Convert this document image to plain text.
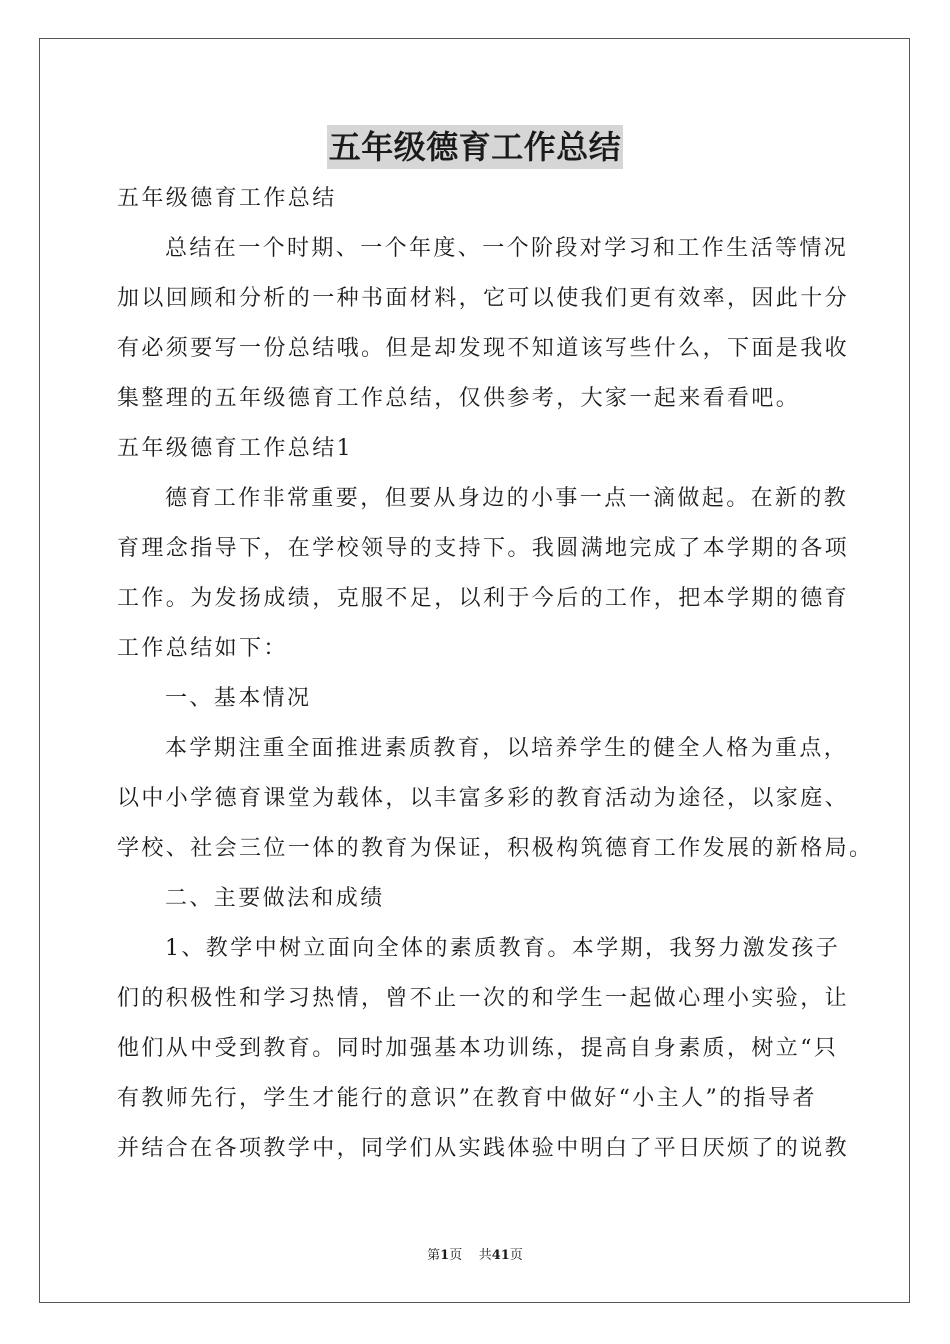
五年级德育工作总结
五年级德育工作总结
总结在一个时期、一个年度、一个阶段对学习和工作生活等情况
加以回顾和分析的一种书面材料，它可以使我们更有效率，因此十分
有必须要写一份总结哦。但是却发现不知道该写些什么，下面是我收
集整理的五年级德育工作总结，仅供参考，大家一起来看看吧。
五年级德育工作总结1
德育工作非常重要，但要从身边的小事一点一滴做起。在新的教
育理念指导下，在学校领导的支持下。我圆满地完成了本学期的各项
工作。为发扬成绩，克服不足，以利于今后的工作，把本学期的德育
工作总结如下：
一、基本情况
本学期注重全面推进素质教育，以培养学生的健全人格为重点，
以中小学德育课堂为载体，以丰富多彩的教育活动为途径，以家庭、
学校、社会三位一体的教育为保证，积极构筑德育工作发展的新格局。
二、主要做法和成绩
1、教学中树立面向全体的素质教育。本学期，我努力激发孩子
们的积极性和学习热情，曾不止一次的和学生一起做心理小实验，让
他们从中受到教育。同时加强基本功训练，提高自身素质，树立“只
有教师先行，学生才能行的意识”在教育中做好“小主人”的指导者
并结合在各项教学中，同学们从实践体验中明白了平日厌烦了的说教
第1页 共41页
